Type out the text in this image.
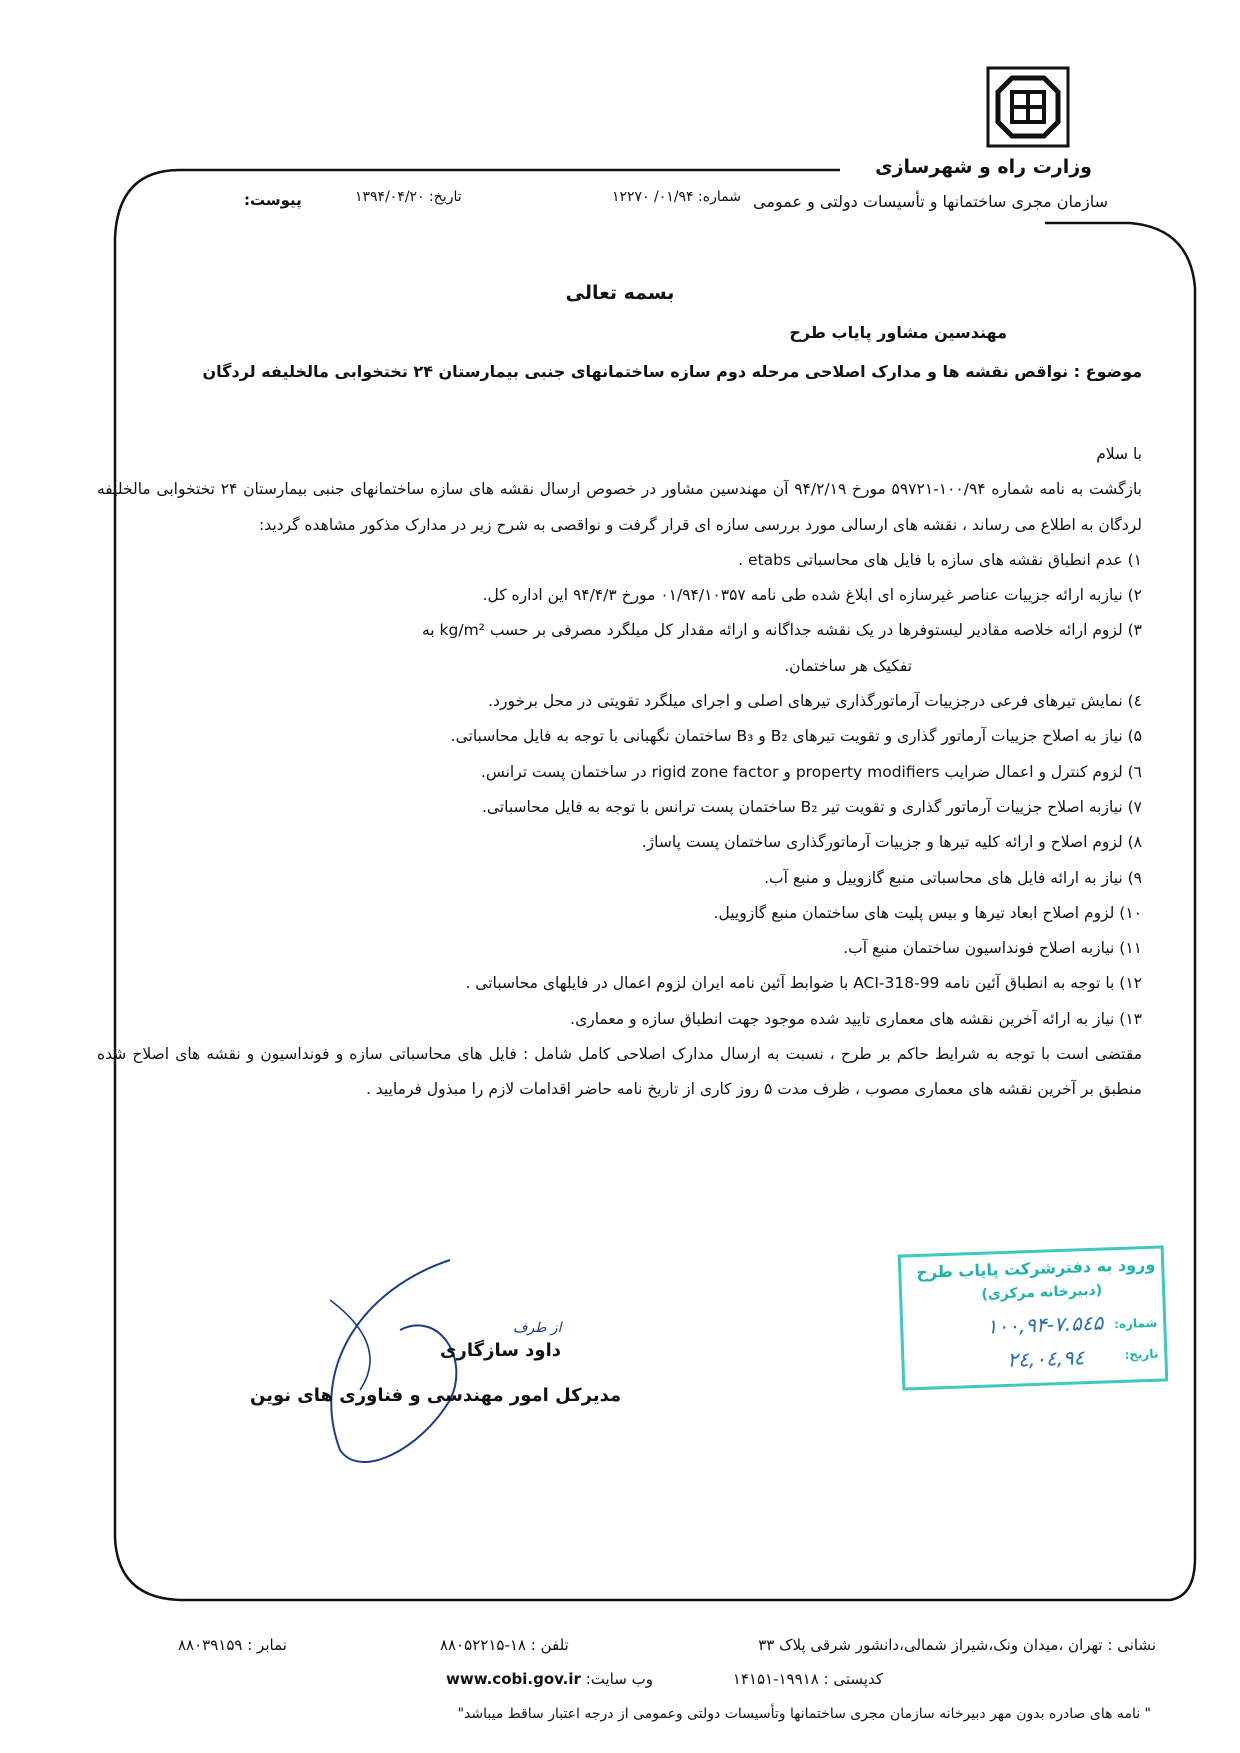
وزارت راه و شهرسازی
سازمان مجری ساختمانها و تأسیسات دولتی و عمومی
شماره: ۰۱/۹۴/ ۱۲۲۷۰
تاریخ: ۱۳۹۴/۰۴/۲۰
پیوست:
بسمه تعالی
مهندسین مشاور پایاب طرح
موضوع : نواقص نقشه ها و مدارک اصلاحی مرحله دوم سازه ساختمانهای جنبی بیمارستان ۲۴ تختخوابی مالخلیفه لردگان

با سلام

بازگشت به نامه شماره ۱۰۰/۹۴-۵۹۷۲۱ مورخ ۹۴/۲/۱۹ آن مهندسین مشاور در خصوص ارسال نقشه های سازه ساختمانهای جنبی بیمارستان ۲۴ تختخوابی مالخلیفه لردگان به اطلاع می رساند ، نقشه های ارسالی مورد بررسی سازه ای قرار گرفت و نواقصی به شرح زیر در مدارک مذکور مشاهده گردید:

۱) عدم انطباق نقشه های سازه با فایل های محاسباتی etabs .
۲) نیازبه ارائه جزییات عناصر غیرسازه ای ابلاغ شده طی نامه ۰۱/۹۴/۱۰۳۵۷ مورخ ۹۴/۴/۳ این اداره کل.
۳) لزوم ارائه خلاصه مقادیر لیستوفرها در یک نقشه جداگانه و ارائه مقدار کل میلگرد مصرفی بر حسب kg/m² به
تفکیک هر ساختمان.
٤) نمایش تیرهای فرعی درجزییات آرماتورگذاری تیرهای اصلی و اجرای میلگرد تقویتی در محل برخورد.
۵) نیاز به اصلاح جزییات آرماتور گذاری و تقویت تیرهای B₂ و B₃ ساختمان نگهبانی با توجه به فایل محاسباتی.
٦) لزوم کنترل و اعمال ضرایب property modifiers و rigid zone factor در ساختمان پست ترانس.
۷) نیازبه اصلاح جزییات آرماتور گذاری و تقویت تیر B₂ ساختمان پست ترانس با توجه به فایل محاسباتی.
۸) لزوم اصلاح و ارائه کلیه تیرها و جزییات آرماتورگذاری ساختمان پست پاساژ.
۹) نیاز به ارائه فایل های محاسباتی منبع گازوییل و منبع آب.
۱۰) لزوم اصلاح ابعاد تیرها و بیس پلیت های ساختمان منبع گازوییل.
۱۱) نیازبه اصلاح فونداسیون ساختمان منبع آب.
۱۲) با توجه به انطباق آئین نامه ACI-318-99 با ضوابط آئین نامه ایران لزوم اعمال در فایلهای محاسباتی .
۱۳) نیاز به ارائه آخرین نقشه های معماری تایید شده موجود جهت انطباق سازه و معماری.

مقتضی است با توجه به شرایط حاکم بر طرح ، نسبت به ارسال مدارک اصلاحی کامل شامل : فایل های محاسباتی سازه و فونداسیون و نقشه های اصلاح شده منطبق بر آخرین نقشه های معماری مصوب ، ظرف مدت ۵ روز کاری از تاریخ نامه حاضر اقدامات لازم را مبذول فرمایید .

از طرف
داود سازگاری
مدیرکل امور مهندسی و فناوری های نوین
ورود به دفترشرکت پایاب طرح
(دبیرخانه مرکزی)
شماره:
۱۰۰,۹۴-۷.۵٤۵
تاریخ:
۹٤,۰٤,۲٤
نشانی : تهران ،میدان ونک،شیراز شمالی،دانشور شرقی پلاک ۳۳
تلفن : ۱۸-۸۸۰۵۲۲۱۵
نمابر : ۸۸۰۳۹۱۵۹
کدپستی : ۱۹۹۱۸-۱۴۱۵۱
وب سایت: www.cobi.gov.ir
" نامه های صادره بدون مهر دبیرخانه سازمان مجری ساختمانها وتأسیسات دولتی وعمومی از درجه اعتبار ساقط میباشد"
